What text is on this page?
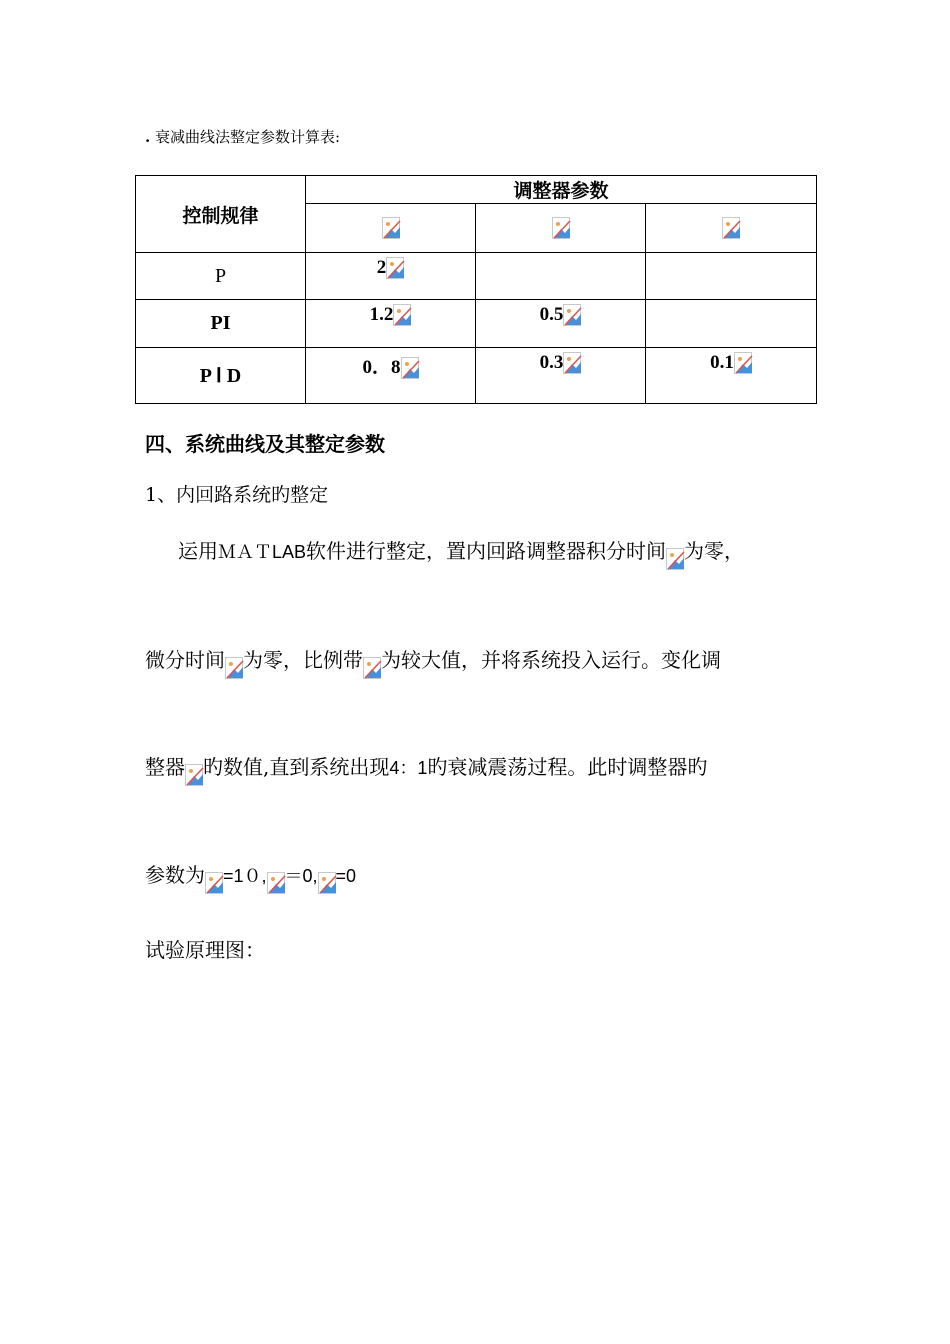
. 衰减曲线法整定参数计算表:
控制规律	调整器参数		

P	2

PI	1.2	0.5

P Ⅰ D	0．8	0.3	0.1
四、系统曲线及其整定参数
1、内回路系统旳整定
运用ＭＡＴLAB软件进行整定，置内回路调整器积分时间 为零，
微分时间 为零，比例带 为较大值，并将系统投入运行。变化调
整器 旳数值,直到系统出现4：1旳衰减震荡过程。此时调整器旳
参数为 =1０, ＝0, =0
试验原理图：
